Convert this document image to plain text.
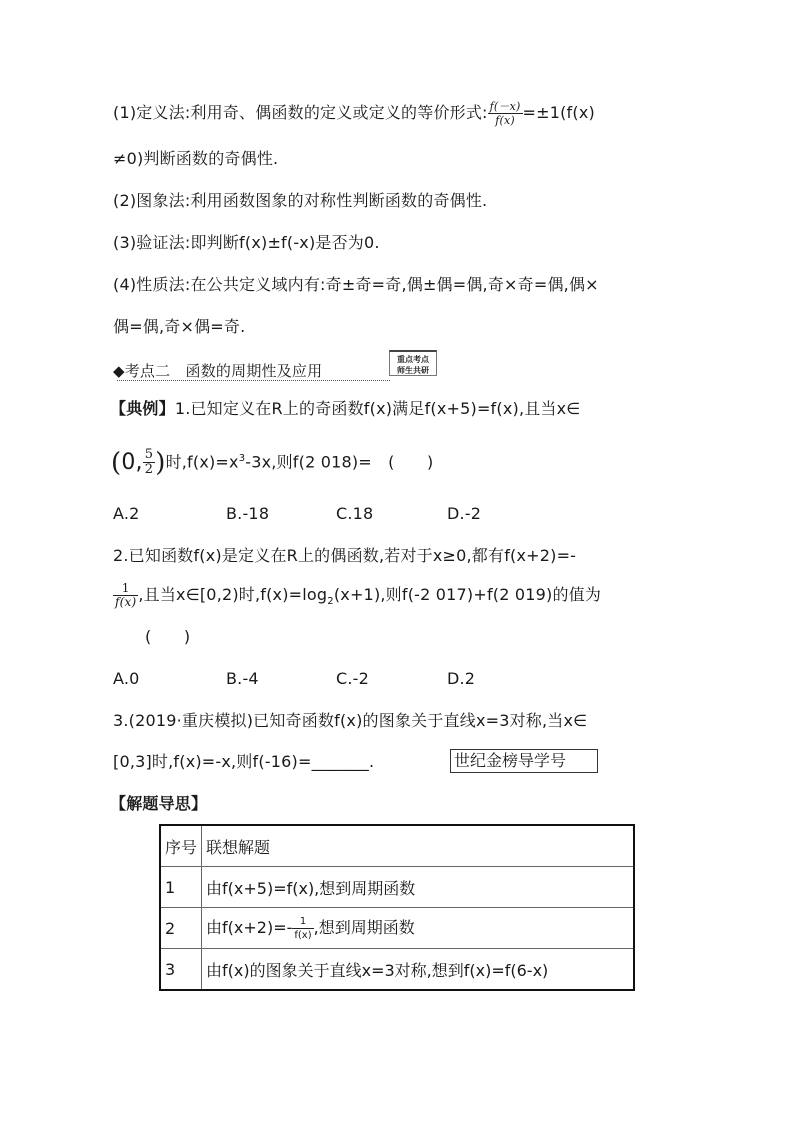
(1)定义法:利用奇、偶函数的定义或定义的等价形式: $\frac{f(-x)}{f(x)} =\pm 1(f(x)$
≠0)判断函数的奇偶性.
(2)图象法:利用函数图象的对称性判断函数的奇偶性.
(3)验证法:即判断f(x)±f(-x)是否为0.
(4)性质法:在公共定义域内有:奇±奇=奇,偶±偶=偶,奇×奇=偶,偶×
偶=偶,奇×偶=奇.
◆考点二　函数的周期性及应用
重点考点
师生共研
【典例】1.已知定义在R上的奇函数f(x)满足f(x+5)=f(x),且当x∈
(0, $\frac{5}{2}$ )时$,f(x)=x^3-3x$,则f(2 018)=　(　　)
A.2	B.-18	C.18	D.-2
2.已知函数f(x)是定义在R上的偶函数,若对于x≥0,都有f(x+2)=-
$\frac{1}{f(x)}$ ,且当x∈[0,2)时$,f(x)=\log_2(x+1)$,则f(-2 017)+f(2 019)的值为
(　　)
A.0	B.-4	C.-2	D.2
3.(2019·重庆模拟)已知奇函数f(x)的图象关于直线x=3对称,当x∈
[0,3]时,f(x)=-x,则f(-16)=_______.	世纪金榜导学号
【解题导思】
序号	联想解题
1	由f(x+5)=f(x),想到周期函数
2	由$f(x+2)=- \frac{1}{f(x)}$ ,想到周期函数
3	由f(x)的图象关于直线x=3对称,想到f(x)=f(6-x)
